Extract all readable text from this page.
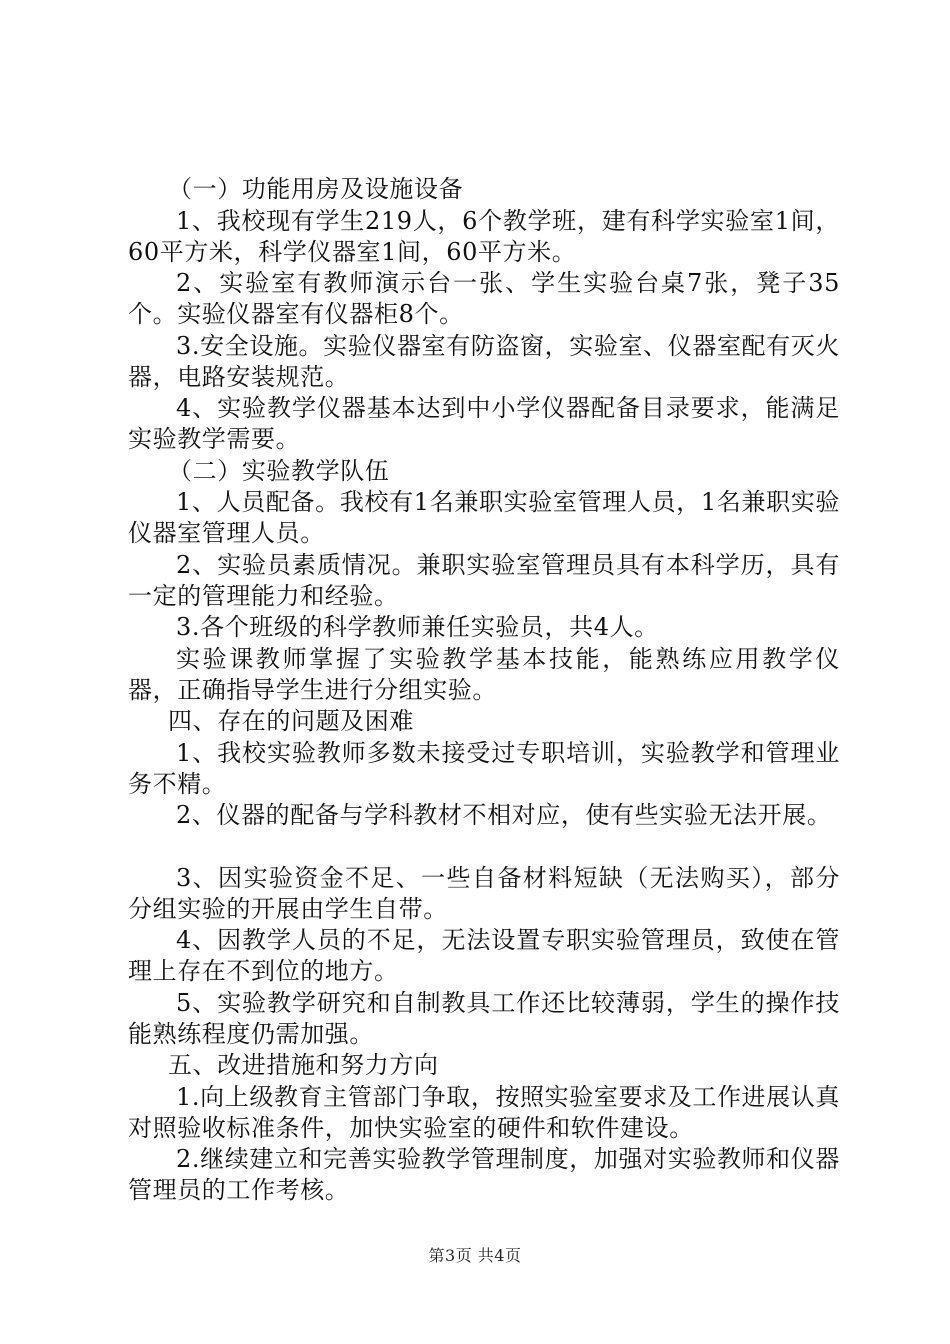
（一）功能用房及设施设备

1、我校现有学生219人，6个教学班，建有科学实验室1间，60平方米，科学仪器室1间，60平方米。

2、实验室有教师演示台一张、学生实验台桌7张，凳子35个。实验仪器室有仪器柜8个。

3.安全设施。实验仪器室有防盗窗，实验室、仪器室配有灭火器，电路安装规范。

4、实验教学仪器基本达到中小学仪器配备目录要求，能满足实验教学需要。

（二）实验教学队伍

1、人员配备。我校有1名兼职实验室管理人员，1名兼职实验仪器室管理人员。

2、实验员素质情况。兼职实验室管理员具有本科学历，具有一定的管理能力和经验。

3.各个班级的科学教师兼任实验员，共4人。

实验课教师掌握了实验教学基本技能，能熟练应用教学仪器，正确指导学生进行分组实验。

四、存在的问题及困难

1、我校实验教师多数未接受过专职培训，实验教学和管理业务不精。

2、仪器的配备与学科教材不相对应，使有些实验无法开展。

3、因实验资金不足、一些自备材料短缺（无法购买），部分分组实验的开展由学生自带。

4、因教学人员的不足，无法设置专职实验管理员，致使在管理上存在不到位的地方。

5、实验教学研究和自制教具工作还比较薄弱，学生的操作技能熟练程度仍需加强。

五、改进措施和努力方向

1.向上级教育主管部门争取，按照实验室要求及工作进展认真对照验收标准条件，加快实验室的硬件和软件建设。

2.继续建立和完善实验教学管理制度，加强对实验教师和仪器管理员的工作考核。

第3页 共4页
